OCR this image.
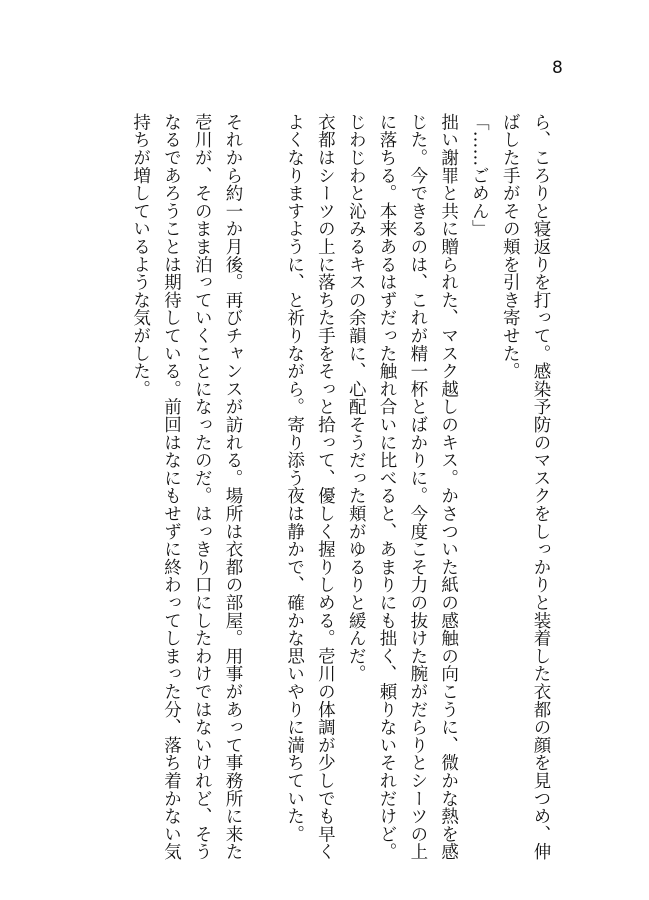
8

ら、ころりと寝返りを打って。感染予防のマスクをしっかりと装着した衣都の顔を見つめ、伸ばした手がその頬を引き寄せた。

「……ごめん」

拙い謝罪と共に贈られた、マスク越しのキス。かさついた紙の感触の向こうに、微かな熱を感じた。今できるのは、これが精一杯とばかりに。今度こそ力の抜けた腕がだらりとシーツの上に落ちる。本来あるはずだった触れ合いに比べると、あまりにも拙く、頼りないそれだけど。

じわじわと沁みるキスの余韻に、心配そうだった頬がゆるりと緩んだ。

衣都はシーツの上に落ちた手をそっと拾って、優しく握りしめる。壱川の体調が少しでも早くよくなりますように、と祈りながら。寄り添う夜は静かで、確かな思いやりに満ちていた。

それから約一か月後。再びチャンスが訪れる。場所は衣都の部屋。用事があって事務所に来た壱川が、そのまま泊っていくことになったのだ。はっきり口にしたわけではないけれど、そうなるであろうことは期待している。前回はなにもせずに終わってしまった分、落ち着かない気持ちが増しているような気がした。
